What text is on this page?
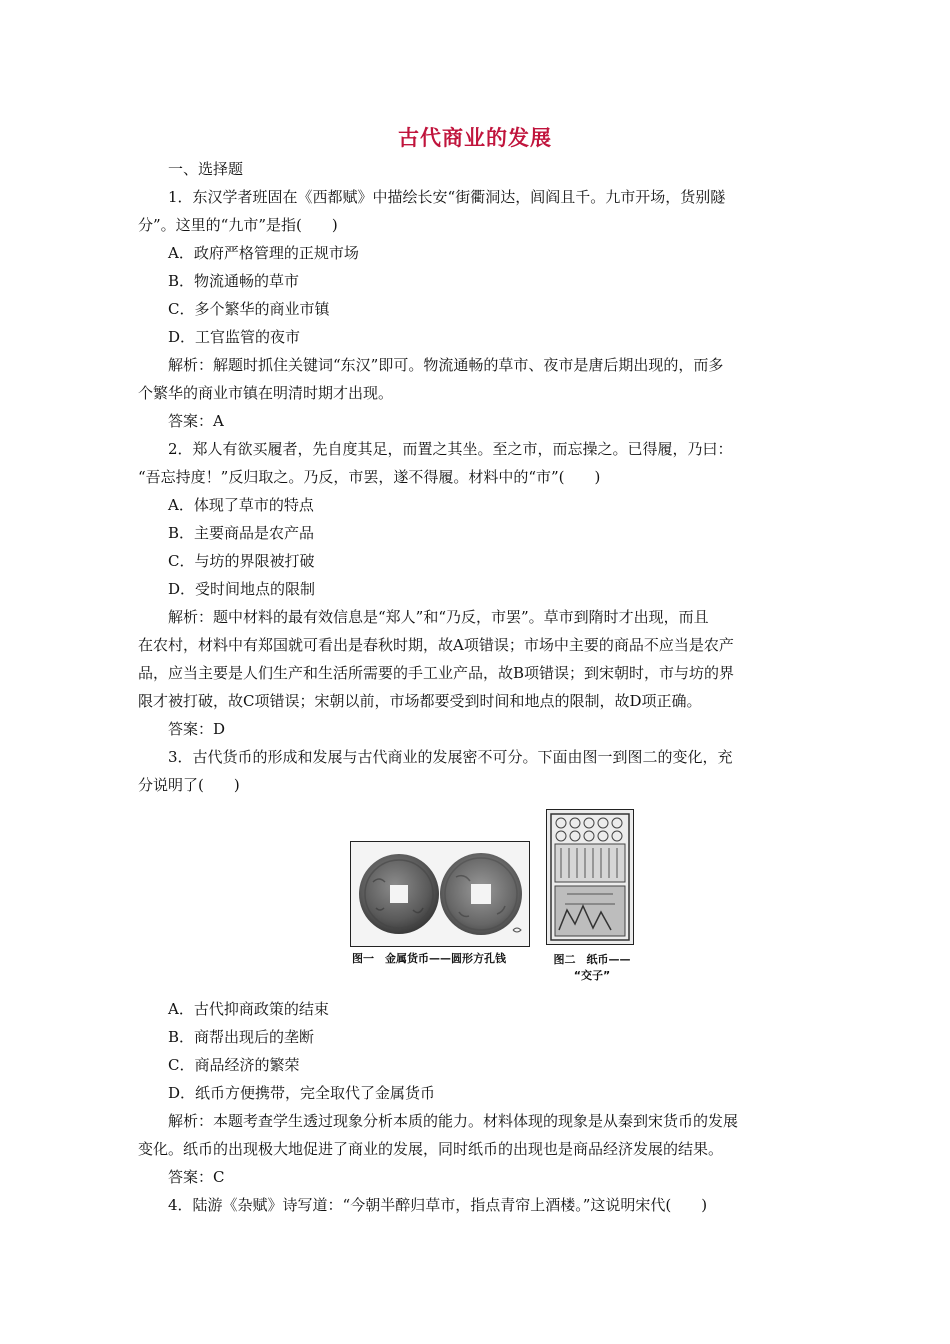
古代商业的发展

一、选择题

1．东汉学者班固在《西都赋》中描绘长安“街衢洞达，闾阎且千。九市开场，货别隧

分”。这里的“九市”是指(　　)

A．政府严格管理的正规市场

B．物流通畅的草市

C．多个繁华的商业市镇

D．工官监管的夜市

解析：解题时抓住关键词“东汉”即可。物流通畅的草市、夜市是唐后期出现的，而多

个繁华的商业市镇在明清时期才出现。

答案：A

2．郑人有欲买履者，先自度其足，而置之其坐。至之市，而忘操之。已得履，乃曰：

“吾忘持度！”反归取之。乃反，市罢，遂不得履。材料中的“市”(　　)

A．体现了草市的特点

B．主要商品是农产品

C．与坊的界限被打破

D．受时间地点的限制

解析：题中材料的最有效信息是“郑人”和“乃反，市罢”。草市到隋时才出现，而且

在农村，材料中有郑国就可看出是春秋时期，故A项错误；市场中主要的商品不应当是农产

品，应当主要是人们生产和生活所需要的手工业产品，故B项错误；到宋朝时，市与坊的界

限才被打破，故C项错误；宋朝以前，市场都要受到时间和地点的限制，故D项正确。

答案：D

3．古代货币的形成和发展与古代商业的发展密不可分。下面由图一到图二的变化，充

分说明了(　　)

图一　金属货币——圆形方孔钱	图二　纸币——
“交子”

A．古代抑商政策的结束

B．商帮出现后的垄断

C．商品经济的繁荣

D．纸币方便携带，完全取代了金属货币

解析：本题考查学生透过现象分析本质的能力。材料体现的现象是从秦到宋货币的发展

变化。纸币的出现极大地促进了商业的发展，同时纸币的出现也是商品经济发展的结果。

答案：C

4．陆游《杂赋》诗写道：“今朝半醉归草市，指点青帘上酒楼。”这说明宋代(　　)
